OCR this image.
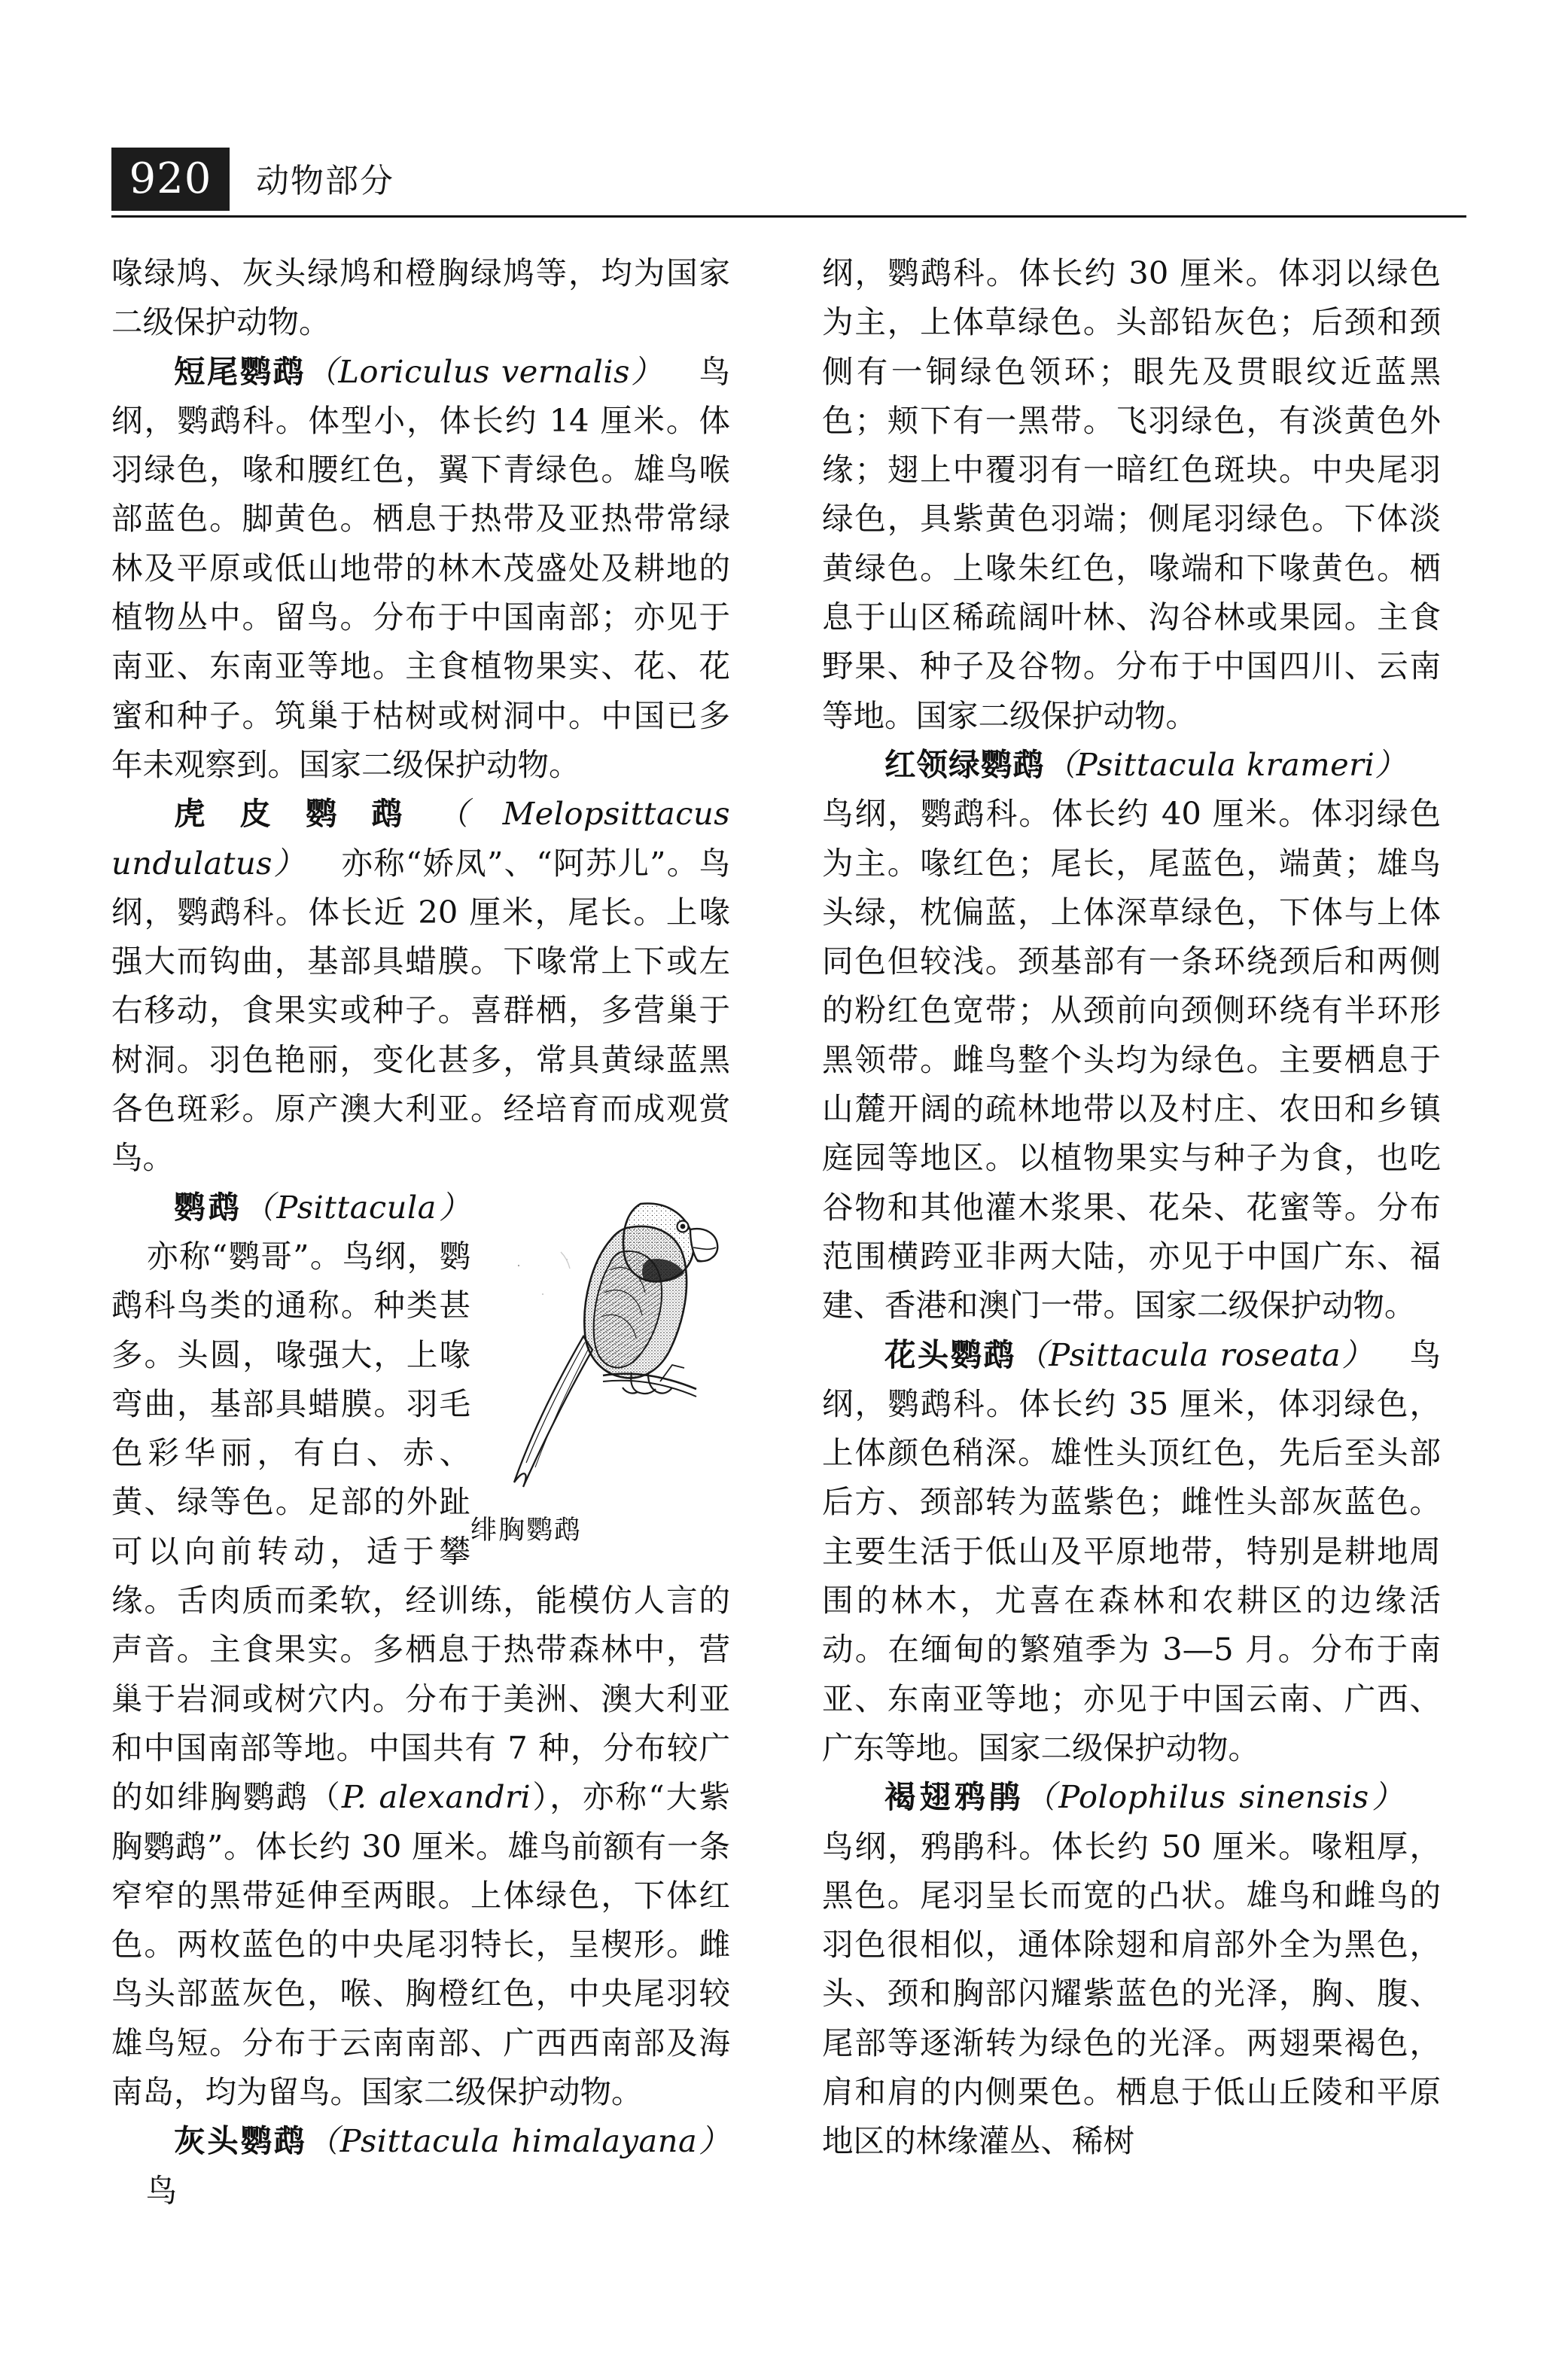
920	动物部分

喙绿鸠、灰头绿鸠和橙胸绿鸠等，均为国家二级保护动物。

短尾鹦鹉（Loriculus vernalis） 鸟纲，鹦鹉科。体型小，体长约 14 厘米。体羽绿色，喙和腰红色，翼下青绿色。雄鸟喉部蓝色。脚黄色。栖息于热带及亚热带常绿林及平原或低山地带的林木茂盛处及耕地的植物丛中。留鸟。分布于中国南部；亦见于南亚、东南亚等地。主食植物果实、花、花蜜和种子。筑巢于枯树或树洞中。中国已多年未观察到。国家二级保护动物。

虎皮鹦鹉（Melopsittacus undulatus） 亦称“娇凤”、“阿苏儿”。鸟纲，鹦鹉科。体长近 20 厘米，尾长。上喙强大而钩曲，基部具蜡膜。下喙常上下或左右移动，食果实或种子。喜群栖，多营巢于树洞。羽色艳丽，变化甚多，常具黄绿蓝黑各色斑彩。原产澳大利亚。经培育而成观赏鸟。

绯胸鹦鹉
鹦鹉（Psittacula）亦称“鹦哥”。鸟纲，鹦鹉科鸟类的通称。种类甚多。头圆，喙强大，上喙弯曲，基部具蜡膜。羽毛色彩华丽，有白、赤、黄、绿等色。足部的外趾可以向前转动，适于攀缘。舌肉质而柔软，经训练，能模仿人言的声音。主食果实。多栖息于热带森林中，营巢于岩洞或树穴内。分布于美洲、澳大利亚和中国南部等地。中国共有 7 种，分布较广的如绯胸鹦鹉（P. alexandri），亦称“大紫胸鹦鹉”。体长约 30 厘米。雄鸟前额有一条窄窄的黑带延伸至两眼。上体绿色，下体红色。两枚蓝色的中央尾羽特长，呈楔形。雌鸟头部蓝灰色，喉、胸橙红色，中央尾羽较雄鸟短。分布于云南南部、广西西南部及海南岛，均为留鸟。国家二级保护动物。

灰头鹦鹉（Psittacula himalayana）鸟

纲，鹦鹉科。体长约 30 厘米。体羽以绿色为主，上体草绿色。头部铅灰色；后颈和颈侧有一铜绿色领环；眼先及贯眼纹近蓝黑色；颊下有一黑带。飞羽绿色，有淡黄色外缘；翅上中覆羽有一暗红色斑块。中央尾羽绿色，具紫黄色羽端；侧尾羽绿色。下体淡黄绿色。上喙朱红色，喙端和下喙黄色。栖息于山区稀疏阔叶林、沟谷林或果园。主食野果、种子及谷物。分布于中国四川、云南等地。国家二级保护动物。

红领绿鹦鹉（Psittacula krameri）鸟纲，鹦鹉科。体长约 40 厘米。体羽绿色为主。喙红色；尾长，尾蓝色，端黄；雄鸟头绿，枕偏蓝，上体深草绿色，下体与上体同色但较浅。颈基部有一条环绕颈后和两侧的粉红色宽带；从颈前向颈侧环绕有半环形黑领带。雌鸟整个头均为绿色。主要栖息于山麓开阔的疏林地带以及村庄、农田和乡镇庭园等地区。以植物果实与种子为食，也吃谷物和其他灌木浆果、花朵、花蜜等。分布范围横跨亚非两大陆，亦见于中国广东、福建、香港和澳门一带。国家二级保护动物。

花头鹦鹉（Psittacula roseata） 鸟纲，鹦鹉科。体长约 35 厘米，体羽绿色，上体颜色稍深。雄性头顶红色，先后至头部后方、颈部转为蓝紫色；雌性头部灰蓝色。主要生活于低山及平原地带，特别是耕地周围的林木，尤喜在森林和农耕区的边缘活动。在缅甸的繁殖季为 3—5 月。分布于南亚、东南亚等地；亦见于中国云南、广西、广东等地。国家二级保护动物。

褐翅鸦鹃（Polophilus sinensis）鸟纲，鸦鹃科。体长约 50 厘米。喙粗厚，黑色。尾羽呈长而宽的凸状。雄鸟和雌鸟的羽色很相似，通体除翅和肩部外全为黑色，头、颈和胸部闪耀紫蓝色的光泽，胸、腹、尾部等逐渐转为绿色的光泽。两翅栗褐色，肩和肩的内侧栗色。栖息于低山丘陵和平原地区的林缘灌丛、稀树
